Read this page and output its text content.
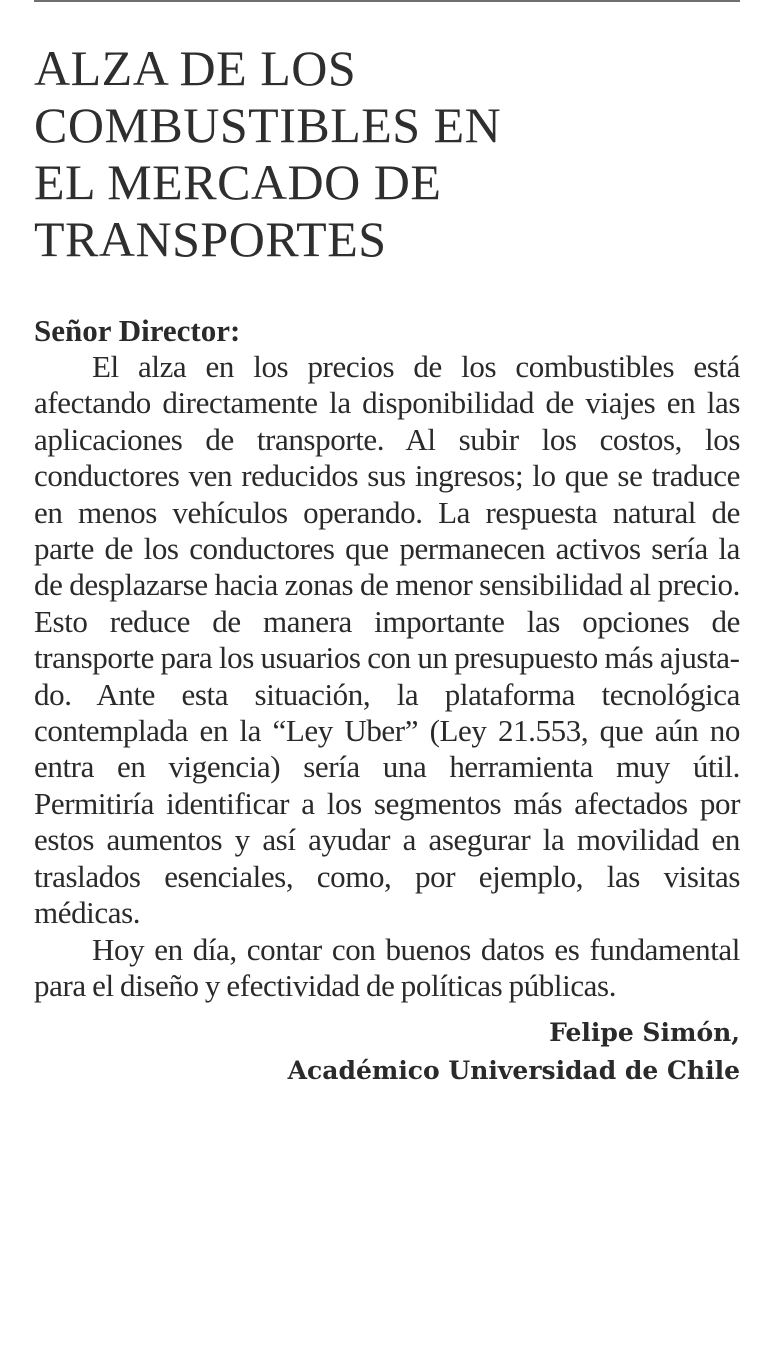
ALZA DE LOS
COMBUSTIBLES EN
EL MERCADO DE
TRANSPORTES
Señor Director:

El alza en los precios de los combustibles está afectando directamente la disponibilidad de viajes en las aplicaciones de transporte. Al subir los costos, los conductores ven reducidos sus ingresos; lo que se traduce en menos vehículos operando. La respuesta natural de parte de los conductores que permanecen activos sería la de desplazarse hacia zonas de menor sensibilidad al precio. Esto reduce de manera importante las opciones de transporte para los usuarios con un presupuesto más ajustado. Ante esta situación, la plataforma tecnológica contemplada en la “Ley Uber” (Ley 21.553, que aún no entra en vigencia) sería una herramienta muy útil. Permitiría identificar a los segmentos más afectados por estos aumentos y así ayudar a asegurar la movilidad en traslados esenciales, como, por ejemplo, las visitas médicas.

Hoy en día, contar con buenos datos es fundamental para el diseño y efectividad de políticas públicas.

Felipe Simón,
Académico Universidad de Chile
